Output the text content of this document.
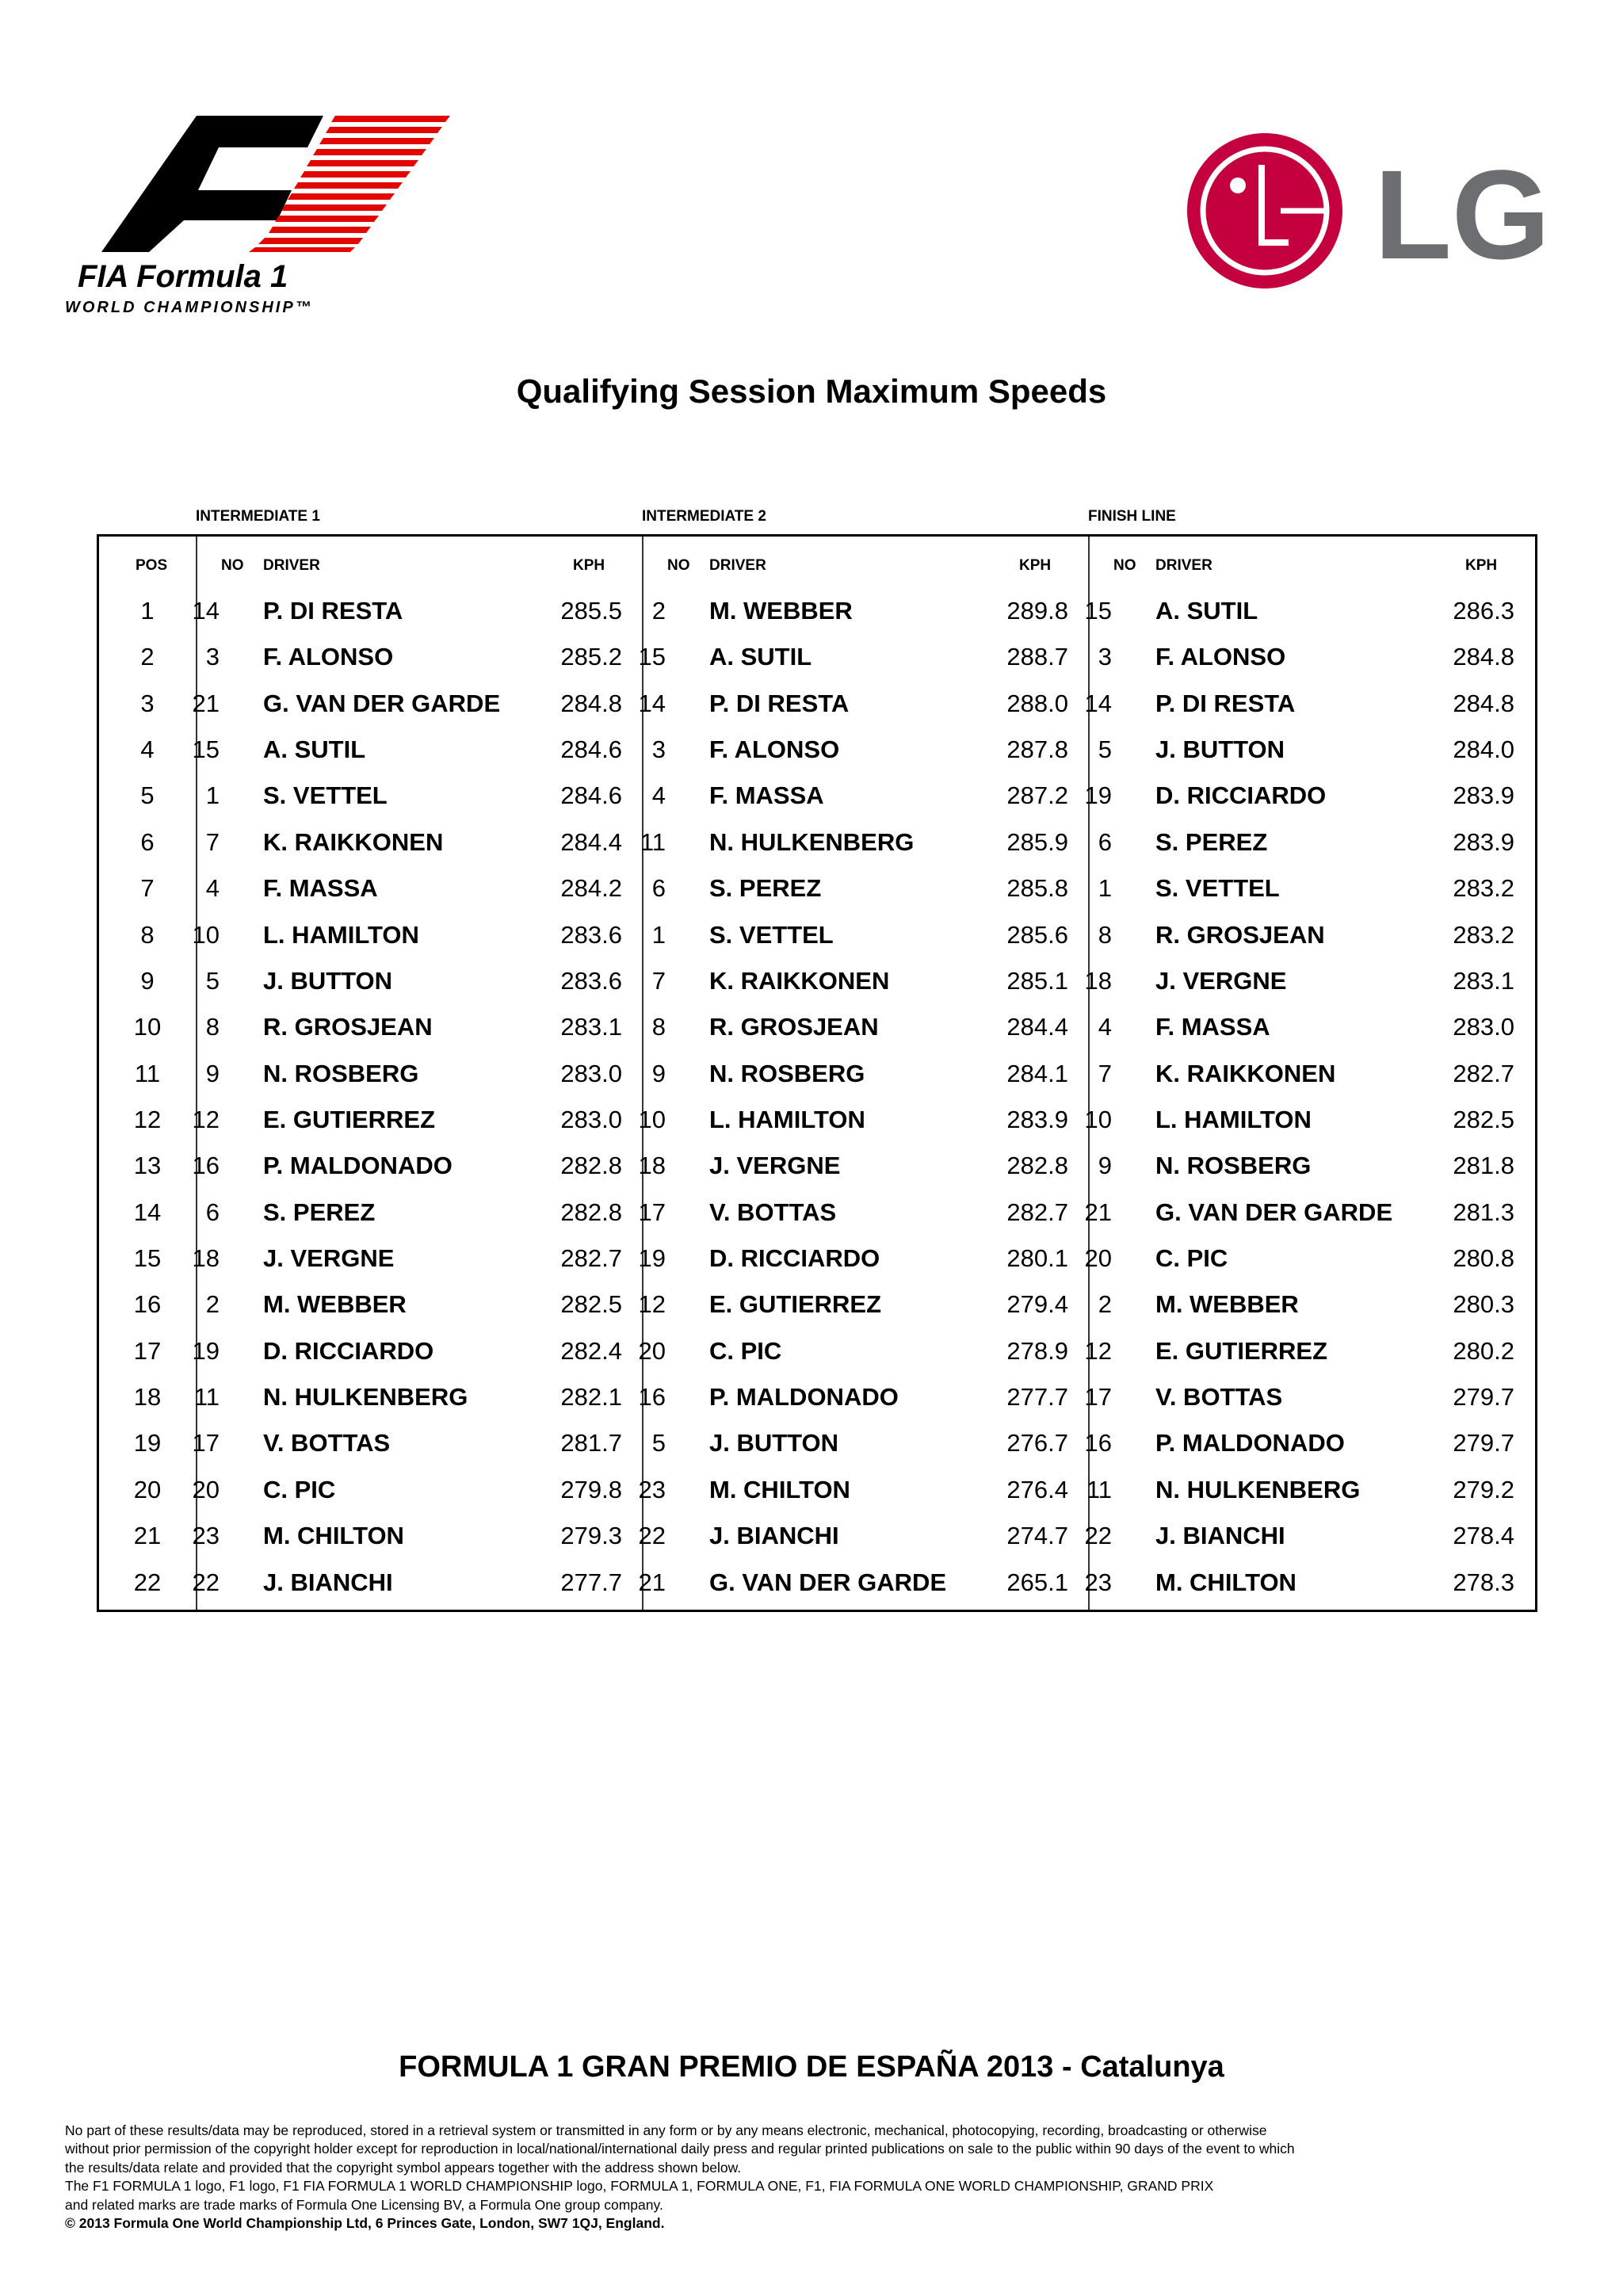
FIA Formula 1
WORLD CHAMPIONSHIP™
LG
Qualifying Session Maximum Speeds
INTERMEDIATE 1	INTERMEDIATE 2	FINISH LINE
POS	NO DRIVER	KPH	NO DRIVER	KPH	NO DRIVER	KPH
1	14 P. DI RESTA	285.5	2 M. WEBBER	289.8 15 A. SUTIL	286.3
2	3 F. ALONSO	285.2 15 A. SUTIL	288.7	3 F. ALONSO	284.8
3	21 G. VAN DER GARDE	284.8 14 P. DI RESTA	288.0 14 P. DI RESTA	284.8
4	15 A. SUTIL	284.6	3 F. ALONSO	287.8	5 J. BUTTON	284.0
5	1 S. VETTEL	284.6	4 F. MASSA	287.2 19 D. RICCIARDO	283.9
6	7 K. RAIKKONEN	284.4 11 N. HULKENBERG	285.9	6 S. PEREZ	283.9
7	4 F. MASSA	284.2	6 S. PEREZ	285.8	1 S. VETTEL	283.2
8	10 L. HAMILTON	283.6	1 S. VETTEL	285.6	8 R. GROSJEAN	283.2
9	5 J. BUTTON	283.6	7 K. RAIKKONEN	285.1 18 J. VERGNE	283.1
10	8 R. GROSJEAN	283.1	8 R. GROSJEAN	284.4	4 F. MASSA	283.0
11	9 N. ROSBERG	283.0	9 N. ROSBERG	284.1	7 K. RAIKKONEN	282.7
12	12 E. GUTIERREZ	283.0 10 L. HAMILTON	283.9 10 L. HAMILTON	282.5
13	16 P. MALDONADO	282.8 18 J. VERGNE	282.8	9 N. ROSBERG	281.8
14	6 S. PEREZ	282.8 17 V. BOTTAS	282.7 21 G. VAN DER GARDE	281.3
15	18 J. VERGNE	282.7 19 D. RICCIARDO	280.1 20 C. PIC	280.8
16	2 M. WEBBER	282.5 12 E. GUTIERREZ	279.4	2 M. WEBBER	280.3
17	19 D. RICCIARDO	282.4 20 C. PIC	278.9 12 E. GUTIERREZ	280.2
18	11 N. HULKENBERG	282.1 16 P. MALDONADO	277.7 17 V. BOTTAS	279.7
19	17 V. BOTTAS	281.7	5 J. BUTTON	276.7 16 P. MALDONADO	279.7
20	20 C. PIC	279.8 23 M. CHILTON	276.4 11 N. HULKENBERG	279.2
21	23 M. CHILTON	279.3 22 J. BIANCHI	274.7 22 J. BIANCHI	278.4
22	22 J. BIANCHI	277.7 21 G. VAN DER GARDE	265.1 23 M. CHILTON	278.3
FORMULA 1 GRAN PREMIO DE ESPAÑA 2013 - Catalunya

No part of these results/data may be reproduced, stored in a retrieval system or transmitted in any form or by any means electronic, mechanical, photocopying, recording, broadcasting or otherwise

without prior permission of the copyright holder except for reproduction in local/national/international daily press and regular printed publications on sale to the public within 90 days of the event to which

the results/data relate and provided that the copyright symbol appears together with the address shown below.

The F1 FORMULA 1 logo, F1 logo, F1 FIA FORMULA 1 WORLD CHAMPIONSHIP logo, FORMULA 1, FORMULA ONE, F1, FIA FORMULA ONE WORLD CHAMPIONSHIP, GRAND PRIX

and related marks are trade marks of Formula One Licensing BV, a Formula One group company.

© 2013 Formula One World Championship Ltd, 6 Princes Gate, London, SW7 1QJ, England.
